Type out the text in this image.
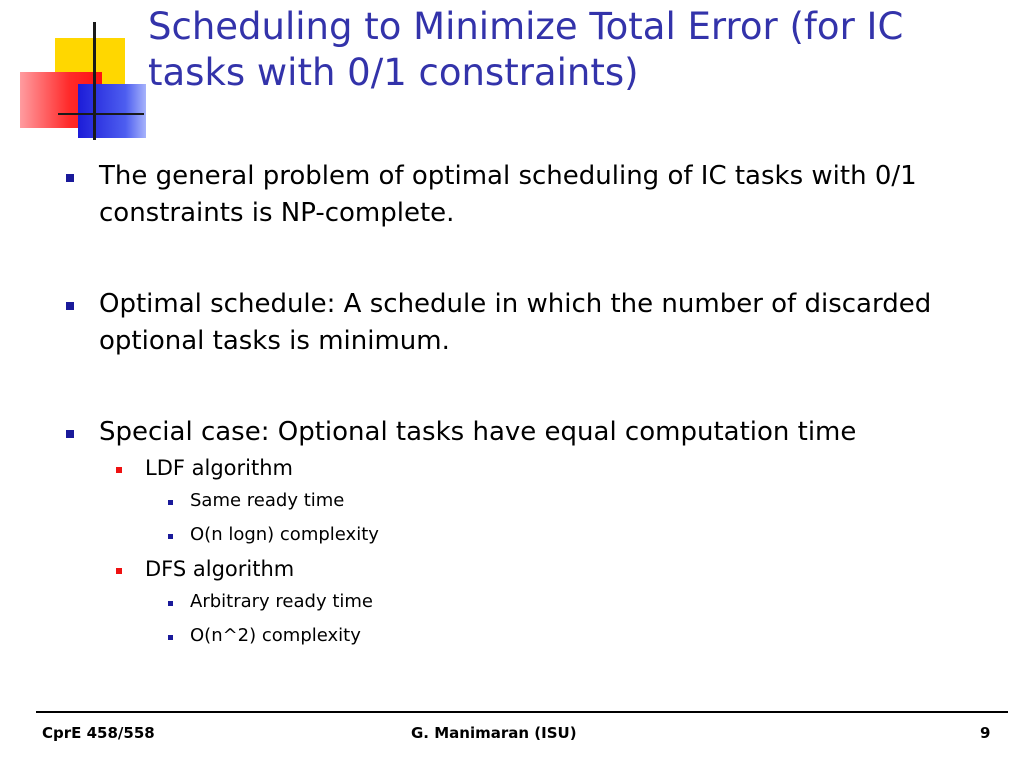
Scheduling to Minimize Total Error (for IC tasks with 0/1 constraints)
The general problem of optimal scheduling of IC tasks with 0/1 constraints is NP-complete.
Optimal schedule: A schedule in which the number of discarded optional tasks is minimum.
Special case: Optional tasks have equal computation time
LDF algorithm
Same ready time
O(n logn) complexity
DFS algorithm
Arbitrary ready time
O(n^2) complexity
CprE 458/558	G. Manimaran (ISU)	9
